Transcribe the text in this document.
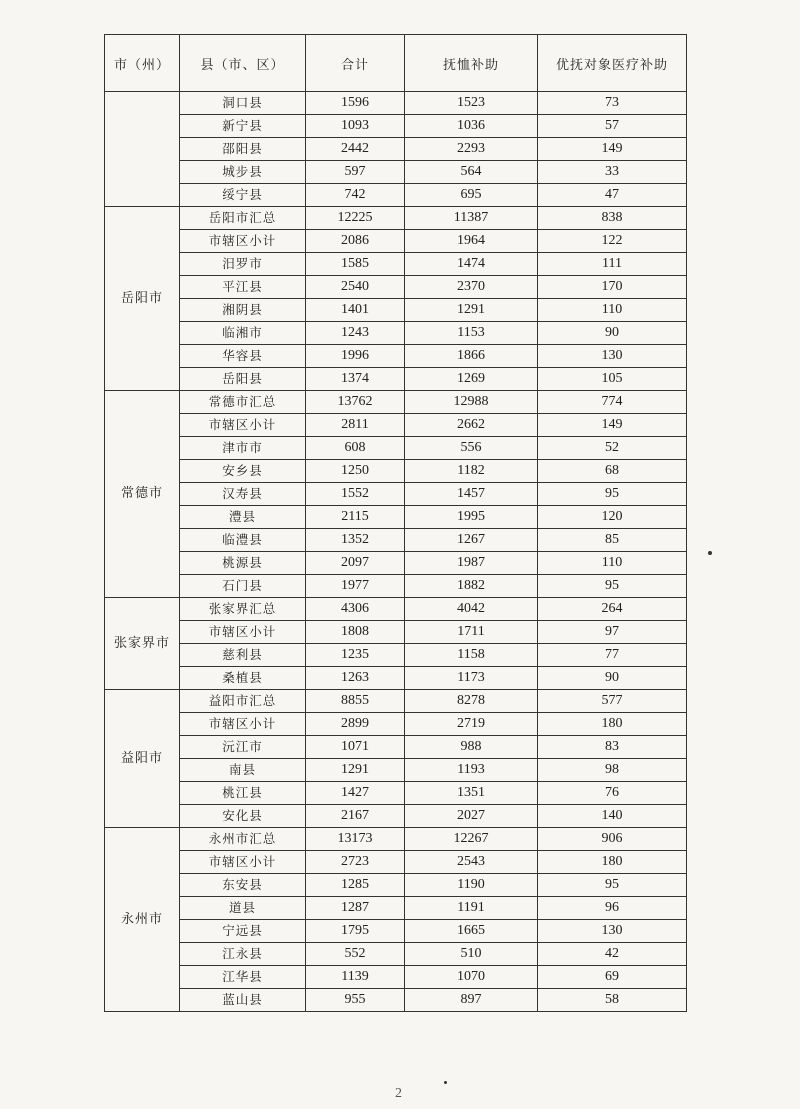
市（州）	县（市、区）	合计	抚恤补助	优抚对象医疗补助
	洞口县	1596	1523	73
	新宁县	1093	1036	57
	邵阳县	2442	2293	149
	城步县	597	564	33
	绥宁县	742	695	47
岳阳市	岳阳市汇总	12225	11387	838
	市辖区小计	2086	1964	122
	汨罗市	1585	1474	111
	平江县	2540	2370	170
	湘阴县	1401	1291	110
	临湘市	1243	1153	90
	华容县	1996	1866	130
	岳阳县	1374	1269	105
常德市	常德市汇总	13762	12988	774
	市辖区小计	2811	2662	149
	津市市	608	556	52
	安乡县	1250	1182	68
	汉寿县	1552	1457	95
	澧县	2115	1995	120
	临澧县	1352	1267	85
	桃源县	2097	1987	110
	石门县	1977	1882	95
张家界市	张家界汇总	4306	4042	264
	市辖区小计	1808	1711	97
	慈利县	1235	1158	77
	桑植县	1263	1173	90
益阳市	益阳市汇总	8855	8278	577
	市辖区小计	2899	2719	180
	沅江市	1071	988	83
	南县	1291	1193	98
	桃江县	1427	1351	76
	安化县	2167	2027	140
永州市	永州市汇总	13173	12267	906
	市辖区小计	2723	2543	180
	东安县	1285	1190	95
	道县	1287	1191	96
	宁远县	1795	1665	130
	江永县	552	510	42
	江华县	1139	1070	69
	蓝山县	955	897	58
2
